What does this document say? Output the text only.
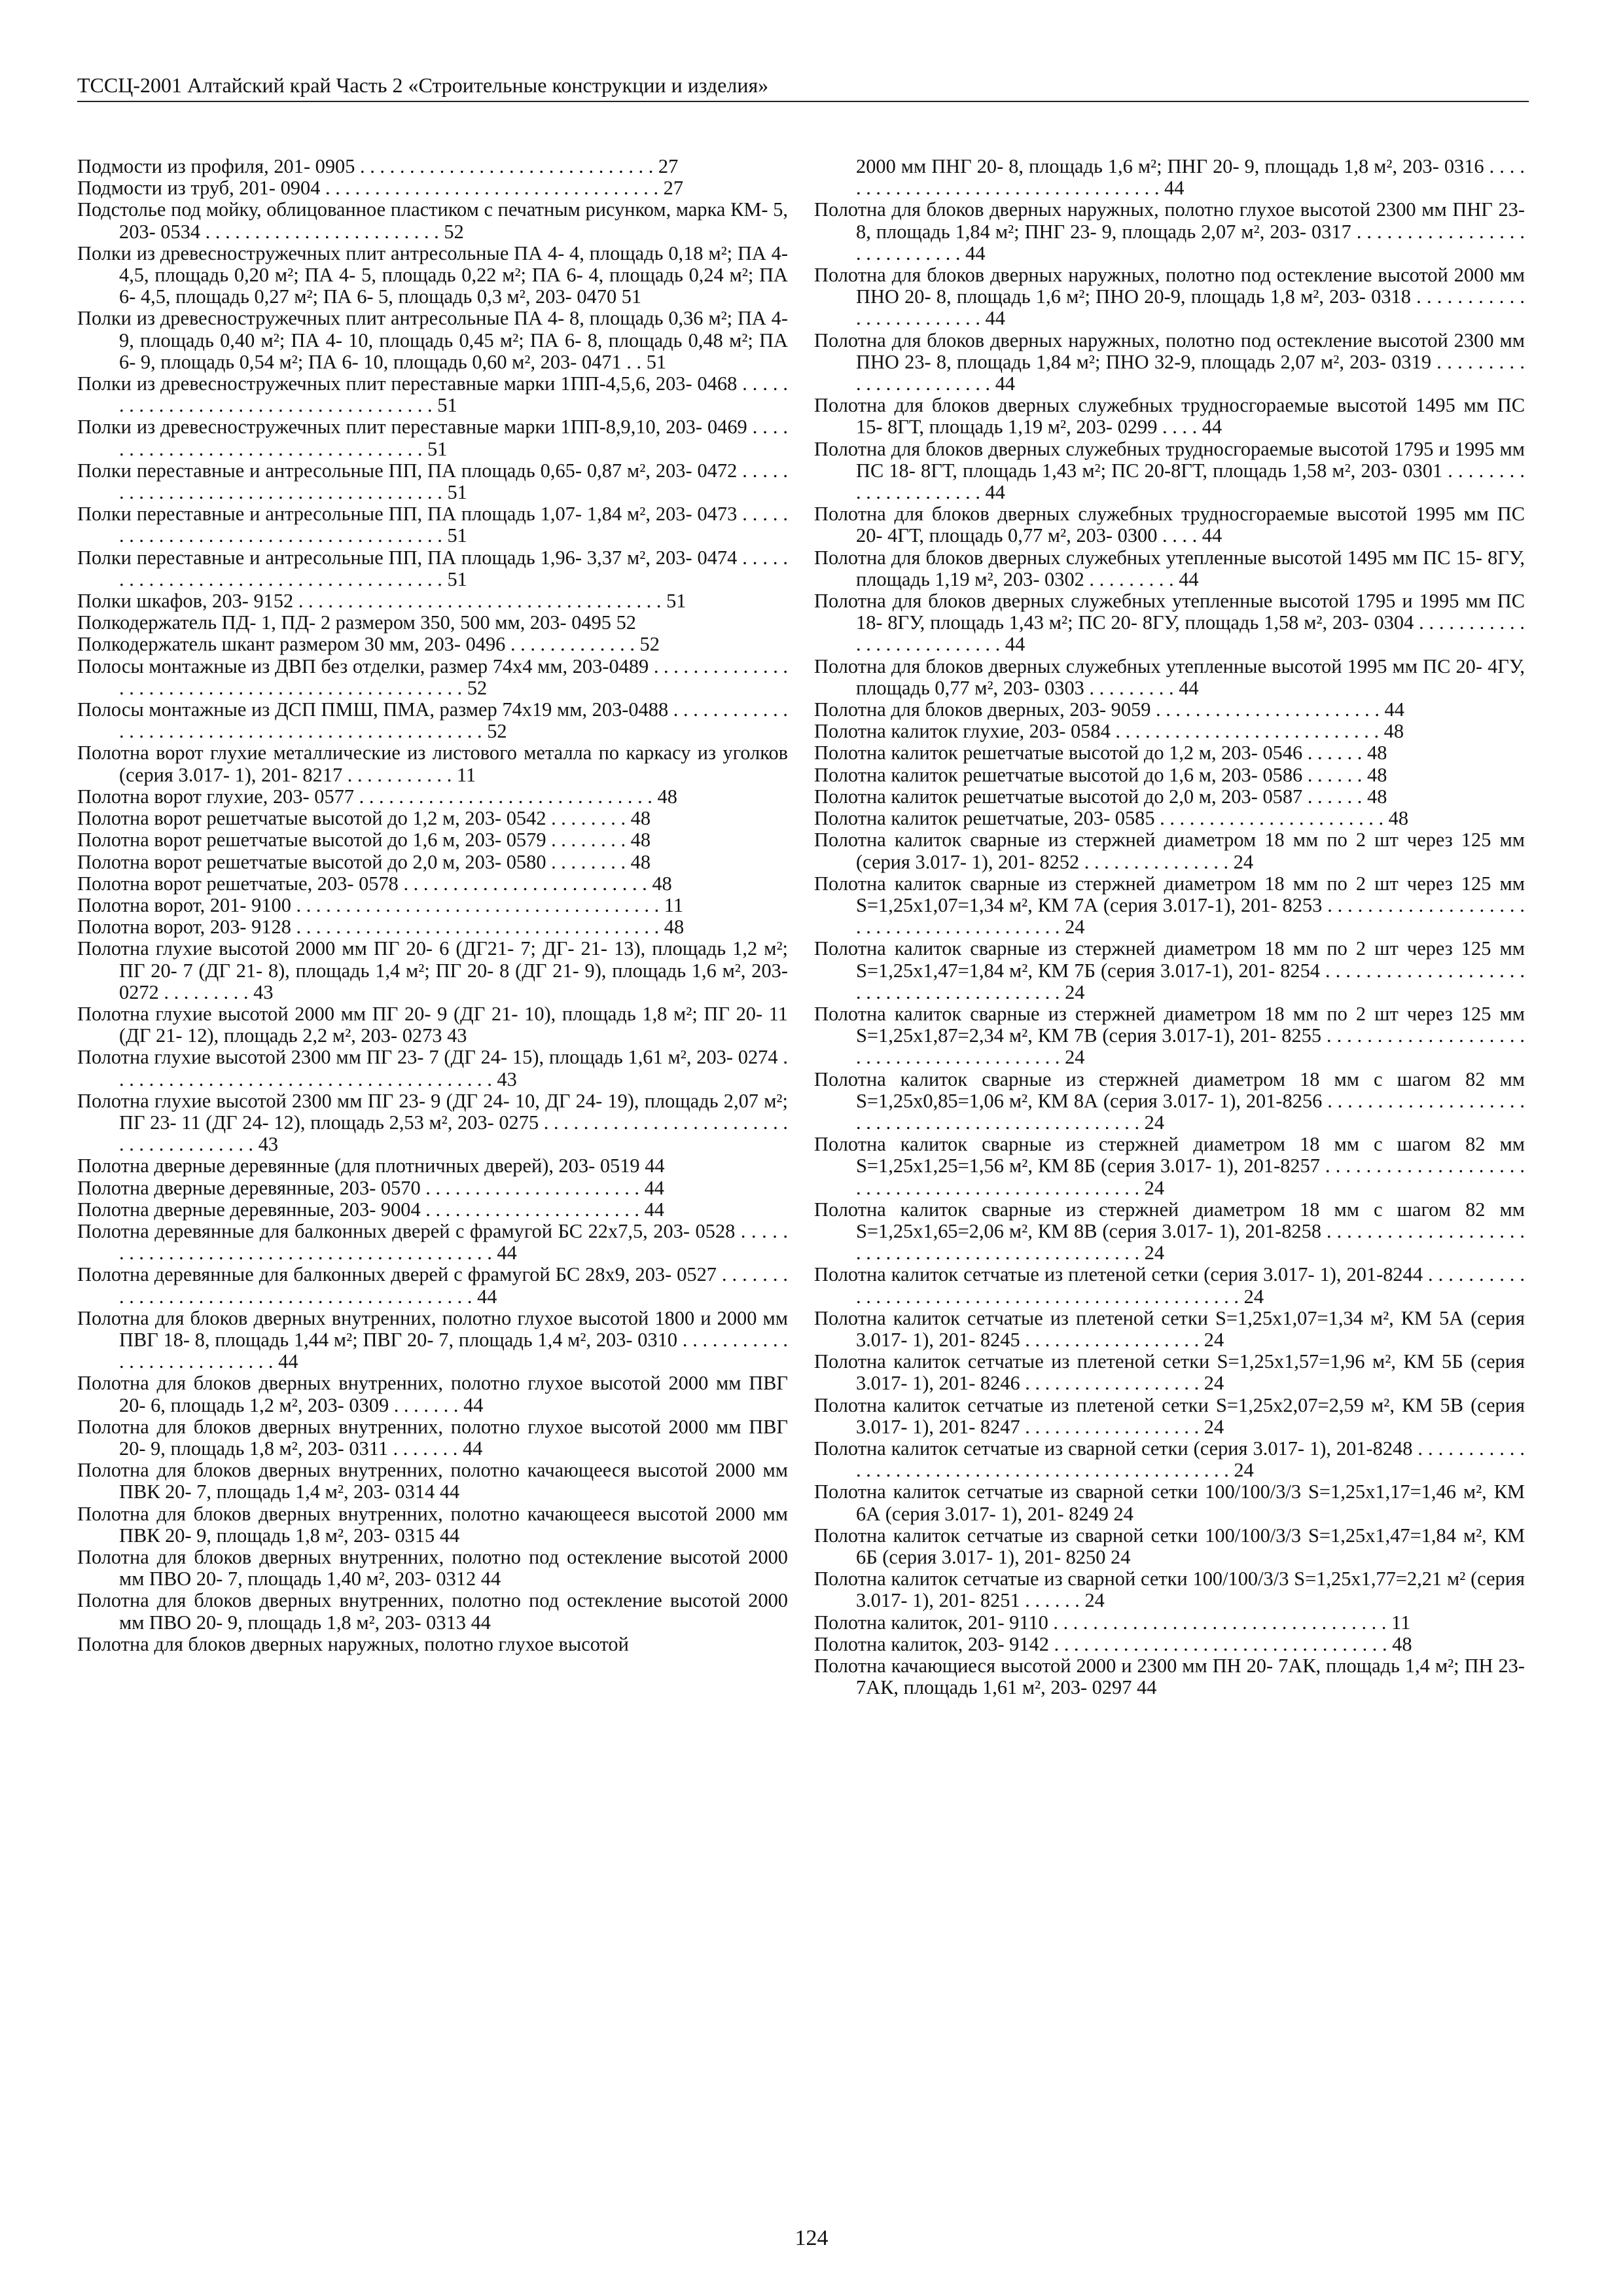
ТССЦ-2001 Алтайский край Часть 2 «Строительные конструкции и изделия»
Подмости из профиля, 201- 0905 . . . . . . . . . . . . . . . . . . . . . . . . . . . . . . 27
Подмости из труб, 201- 0904 . . . . . . . . . . . . . . . . . . . . . . . . . . . . . . . . . . 27
Подстолье под мойку, облицованное пластиком с печатным рисунком, марка КМ- 5, 203- 0534 . . . . . . . . . . . . . . . . . . . . . . . . 52
Полки из древесностружечных плит антресольные ПА 4- 4, площадь 0,18 м²; ПА 4- 4,5, площадь 0,20 м²; ПА 4- 5, площадь 0,22 м²; ПА 6- 4, площадь 0,24 м²; ПА 6- 4,5, площадь 0,27 м²; ПА 6- 5, площадь 0,3 м², 203- 0470 51
Полки из древесностружечных плит антресольные ПА 4- 8, площадь 0,36 м²; ПА 4- 9, площадь 0,40 м²; ПА 4- 10, площадь 0,45 м²; ПА 6- 8, площадь 0,48 м²; ПА 6- 9, площадь 0,54 м²; ПА 6- 10, площадь 0,60 м², 203- 0471 . . 51
Полки из древесностружечных плит переставные марки 1ПП-4,5,6, 203- 0468 . . . . . . . . . . . . . . . . . . . . . . . . . . . . . . . . . . . . . 51
Полки из древесностружечных плит переставные марки 1ПП-8,9,10, 203- 0469 . . . . . . . . . . . . . . . . . . . . . . . . . . . . . . . . . . . 51
Полки переставные и антресольные ПП, ПА площадь 0,65- 0,87 м², 203- 0472 . . . . . . . . . . . . . . . . . . . . . . . . . . . . . . . . . . . . . . 51
Полки переставные и антресольные ПП, ПА площадь 1,07- 1,84 м², 203- 0473 . . . . . . . . . . . . . . . . . . . . . . . . . . . . . . . . . . . . . . 51
Полки переставные и антресольные ПП, ПА площадь 1,96- 3,37 м², 203- 0474 . . . . . . . . . . . . . . . . . . . . . . . . . . . . . . . . . . . . . . 51
Полки шкафов, 203- 9152 . . . . . . . . . . . . . . . . . . . . . . . . . . . . . . . . . . . . . 51
Полкодержатель ПД- 1, ПД- 2 размером 350, 500 мм, 203- 0495 52
Полкодержатель шкант размером 30 мм, 203- 0496 . . . . . . . . . . . . . 52
Полосы монтажные из ДВП без отделки, размер 74х4 мм, 203-0489 . . . . . . . . . . . . . . . . . . . . . . . . . . . . . . . . . . . . . . . . . . . . . . . . . 52
Полосы монтажные из ДСП ПМШ, ПМА, размер 74х19 мм, 203-0488 . . . . . . . . . . . . . . . . . . . . . . . . . . . . . . . . . . . . . . . . . . . . . . . . . 52
Полотна ворот глухие металлические из листового металла по каркасу из уголков (серия 3.017- 1), 201- 8217 . . . . . . . . . . . 11
Полотна ворот глухие, 203- 0577 . . . . . . . . . . . . . . . . . . . . . . . . . . . . . . 48
Полотна ворот решетчатые высотой до 1,2 м, 203- 0542 . . . . . . . . 48
Полотна ворот решетчатые высотой до 1,6 м, 203- 0579 . . . . . . . . 48
Полотна ворот решетчатые высотой до 2,0 м, 203- 0580 . . . . . . . . 48
Полотна ворот решетчатые, 203- 0578 . . . . . . . . . . . . . . . . . . . . . . . . . 48
Полотна ворот, 201- 9100 . . . . . . . . . . . . . . . . . . . . . . . . . . . . . . . . . . . . . 11
Полотна ворот, 203- 9128 . . . . . . . . . . . . . . . . . . . . . . . . . . . . . . . . . . . . . 48
Полотна глухие высотой 2000 мм ПГ 20- 6 (ДГ21- 7; ДГ- 21- 13), площадь 1,2 м²; ПГ 20- 7 (ДГ 21- 8), площадь 1,4 м²; ПГ 20- 8 (ДГ 21- 9), площадь 1,6 м², 203- 0272 . . . . . . . . . 43
Полотна глухие высотой 2000 мм ПГ 20- 9 (ДГ 21- 10), площадь 1,8 м²; ПГ 20- 11 (ДГ 21- 12), площадь 2,2 м², 203- 0273 43
Полотна глухие высотой 2300 мм ПГ 23- 7 (ДГ 24- 15), площадь 1,61 м², 203- 0274 . . . . . . . . . . . . . . . . . . . . . . . . . . . . . . . . . . . . . . . 43
Полотна глухие высотой 2300 мм ПГ 23- 9 (ДГ 24- 10, ДГ 24- 19), площадь 2,07 м²; ПГ 23- 11 (ДГ 24- 12), площадь 2,53 м², 203- 0275 . . . . . . . . . . . . . . . . . . . . . . . . . . . . . . . . . . . . . . . 43
Полотна дверные деревянные (для плотничных дверей), 203- 0519 44
Полотна дверные деревянные, 203- 0570 . . . . . . . . . . . . . . . . . . . . . . 44
Полотна дверные деревянные, 203- 9004 . . . . . . . . . . . . . . . . . . . . . . 44
Полотна деревянные для балконных дверей с фрамугой БС 22х7,5, 203- 0528 . . . . . . . . . . . . . . . . . . . . . . . . . . . . . . . . . . . . . . . . . . . 44
Полотна деревянные для балконных дверей с фрамугой БС 28х9, 203- 0527 . . . . . . . . . . . . . . . . . . . . . . . . . . . . . . . . . . . . . . . . . . . 44
Полотна для блоков дверных внутренних, полотно глухое высотой 1800 и 2000 мм ПВГ 18- 8, площадь 1,44 м²; ПВГ 20- 7, площадь 1,4 м², 203- 0310 . . . . . . . . . . . . . . . . . . . . . . . . . . . 44
Полотна для блоков дверных внутренних, полотно глухое высотой 2000 мм ПВГ 20- 6, площадь 1,2 м², 203- 0309 . . . . . . . 44
Полотна для блоков дверных внутренних, полотно глухое высотой 2000 мм ПВГ 20- 9, площадь 1,8 м², 203- 0311 . . . . . . . 44
Полотна для блоков дверных внутренних, полотно качающееся высотой 2000 мм ПВК 20- 7, площадь 1,4 м², 203- 0314 44
Полотна для блоков дверных внутренних, полотно качающееся высотой 2000 мм ПВК 20- 9, площадь 1,8 м², 203- 0315 44
Полотна для блоков дверных внутренних, полотно под остекление высотой 2000 мм ПВО 20- 7, площадь 1,40 м², 203- 0312 44
Полотна для блоков дверных внутренних, полотно под остекление высотой 2000 мм ПВО 20- 9, площадь 1,8 м², 203- 0313 44
Полотна для блоков дверных наружных, полотно глухое высотой
2000 мм ПНГ 20- 8, площадь 1,6 м²; ПНГ 20- 9, площадь 1,8 м², 203- 0316 . . . . . . . . . . . . . . . . . . . . . . . . . . . . . . . . . . . 44
Полотна для блоков дверных наружных, полотно глухое высотой 2300 мм ПНГ 23- 8, площадь 1,84 м²; ПНГ 23- 9, площадь 2,07 м², 203- 0317 . . . . . . . . . . . . . . . . . . . . . . . . . . . . 44
Полотна для блоков дверных наружных, полотно под остекление высотой 2000 мм ПНО 20- 8, площадь 1,6 м²; ПНО 20-9, площадь 1,8 м², 203- 0318 . . . . . . . . . . . . . . . . . . . . . . . . 44
Полотна для блоков дверных наружных, полотно под остекление высотой 2300 мм ПНО 23- 8, площадь 1,84 м²; ПНО 32-9, площадь 2,07 м², 203- 0319 . . . . . . . . . . . . . . . . . . . . . . . 44
Полотна для блоков дверных служебных трудносгораемые высотой 1495 мм ПС 15- 8ГТ, площадь 1,19 м², 203- 0299 . . . . 44
Полотна для блоков дверных служебных трудносгораемые высотой 1795 и 1995 мм ПС 18- 8ГТ, площадь 1,43 м²; ПС 20-8ГТ, площадь 1,58 м², 203- 0301 . . . . . . . . . . . . . . . . . . . . . 44
Полотна для блоков дверных служебных трудносгораемые высотой 1995 мм ПС 20- 4ГТ, площадь 0,77 м², 203- 0300 . . . . 44
Полотна для блоков дверных служебных утепленные высотой 1495 мм ПС 15- 8ГУ, площадь 1,19 м², 203- 0302 . . . . . . . . . 44
Полотна для блоков дверных служебных утепленные высотой 1795 и 1995 мм ПС 18- 8ГУ, площадь 1,43 м²; ПС 20- 8ГУ, площадь 1,58 м², 203- 0304 . . . . . . . . . . . . . . . . . . . . . . . . . . 44
Полотна для блоков дверных служебных утепленные высотой 1995 мм ПС 20- 4ГУ, площадь 0,77 м², 203- 0303 . . . . . . . . . 44
Полотна для блоков дверных, 203- 9059 . . . . . . . . . . . . . . . . . . . . . . . 44
Полотна калиток глухие, 203- 0584 . . . . . . . . . . . . . . . . . . . . . . . . . . . 48
Полотна калиток решетчатые высотой до 1,2 м, 203- 0546 . . . . . . 48
Полотна калиток решетчатые высотой до 1,6 м, 203- 0586 . . . . . . 48
Полотна калиток решетчатые высотой до 2,0 м, 203- 0587 . . . . . . 48
Полотна калиток решетчатые, 203- 0585 . . . . . . . . . . . . . . . . . . . . . . . 48
Полотна калиток сварные из стержней диаметром 18 мм по 2 шт через 125 мм (серия 3.017- 1), 201- 8252 . . . . . . . . . . . . . . . 24
Полотна калиток сварные из стержней диаметром 18 мм по 2 шт через 125 мм S=1,25х1,07=1,34 м², КМ 7А (серия 3.017-1), 201- 8253 . . . . . . . . . . . . . . . . . . . . . . . . . . . . . . . . . . . . . . . . . 24
Полотна калиток сварные из стержней диаметром 18 мм по 2 шт через 125 мм S=1,25х1,47=1,84 м², КМ 7Б (серия 3.017-1), 201- 8254 . . . . . . . . . . . . . . . . . . . . . . . . . . . . . . . . . . . . . . . . . 24
Полотна калиток сварные из стержней диаметром 18 мм по 2 шт через 125 мм S=1,25х1,87=2,34 м², КМ 7В (серия 3.017-1), 201- 8255 . . . . . . . . . . . . . . . . . . . . . . . . . . . . . . . . . . . . . . . . . 24
Полотна калиток сварные из стержней диаметром 18 мм с шагом 82 мм S=1,25х0,85=1,06 м², КМ 8А (серия 3.017- 1), 201-8256 . . . . . . . . . . . . . . . . . . . . . . . . . . . . . . . . . . . . . . . . . . . . . . . . . 24
Полотна калиток сварные из стержней диаметром 18 мм с шагом 82 мм S=1,25х1,25=1,56 м², КМ 8Б (серия 3.017- 1), 201-8257 . . . . . . . . . . . . . . . . . . . . . . . . . . . . . . . . . . . . . . . . . . . . . . . . . 24
Полотна калиток сварные из стержней диаметром 18 мм с шагом 82 мм S=1,25х1,65=2,06 м², КМ 8В (серия 3.017- 1), 201-8258 . . . . . . . . . . . . . . . . . . . . . . . . . . . . . . . . . . . . . . . . . . . . . . . . . 24
Полотна калиток сетчатые из плетеной сетки (серия 3.017- 1), 201-8244 . . . . . . . . . . . . . . . . . . . . . . . . . . . . . . . . . . . . . . . . . . . . . . . . . 24
Полотна калиток сетчатые из плетеной сетки S=1,25х1,07=1,34 м², КМ 5А (серия 3.017- 1), 201- 8245 . . . . . . . . . . . . . . . . . . 24
Полотна калиток сетчатые из плетеной сетки S=1,25х1,57=1,96 м², КМ 5Б (серия 3.017- 1), 201- 8246 . . . . . . . . . . . . . . . . . . 24
Полотна калиток сетчатые из плетеной сетки S=1,25х2,07=2,59 м², КМ 5В (серия 3.017- 1), 201- 8247 . . . . . . . . . . . . . . . . . . 24
Полотна калиток сетчатые из сварной сетки (серия 3.017- 1), 201-8248 . . . . . . . . . . . . . . . . . . . . . . . . . . . . . . . . . . . . . . . . . . . . . . . . . 24
Полотна калиток сетчатые из сварной сетки 100/100/3/3 S=1,25х1,17=1,46 м², КМ 6А (серия 3.017- 1), 201- 8249 24
Полотна калиток сетчатые из сварной сетки 100/100/3/3 S=1,25х1,47=1,84 м², КМ 6Б (серия 3.017- 1), 201- 8250 24
Полотна калиток сетчатые из сварной сетки 100/100/3/3 S=1,25х1,77=2,21 м² (серия 3.017- 1), 201- 8251 . . . . . . 24
Полотна калиток, 201- 9110 . . . . . . . . . . . . . . . . . . . . . . . . . . . . . . . . . . 11
Полотна калиток, 203- 9142 . . . . . . . . . . . . . . . . . . . . . . . . . . . . . . . . . . 48
Полотна качающиеся высотой 2000 и 2300 мм ПН 20- 7АК, площадь 1,4 м²; ПН 23- 7АК, площадь 1,61 м², 203- 0297 44
124
